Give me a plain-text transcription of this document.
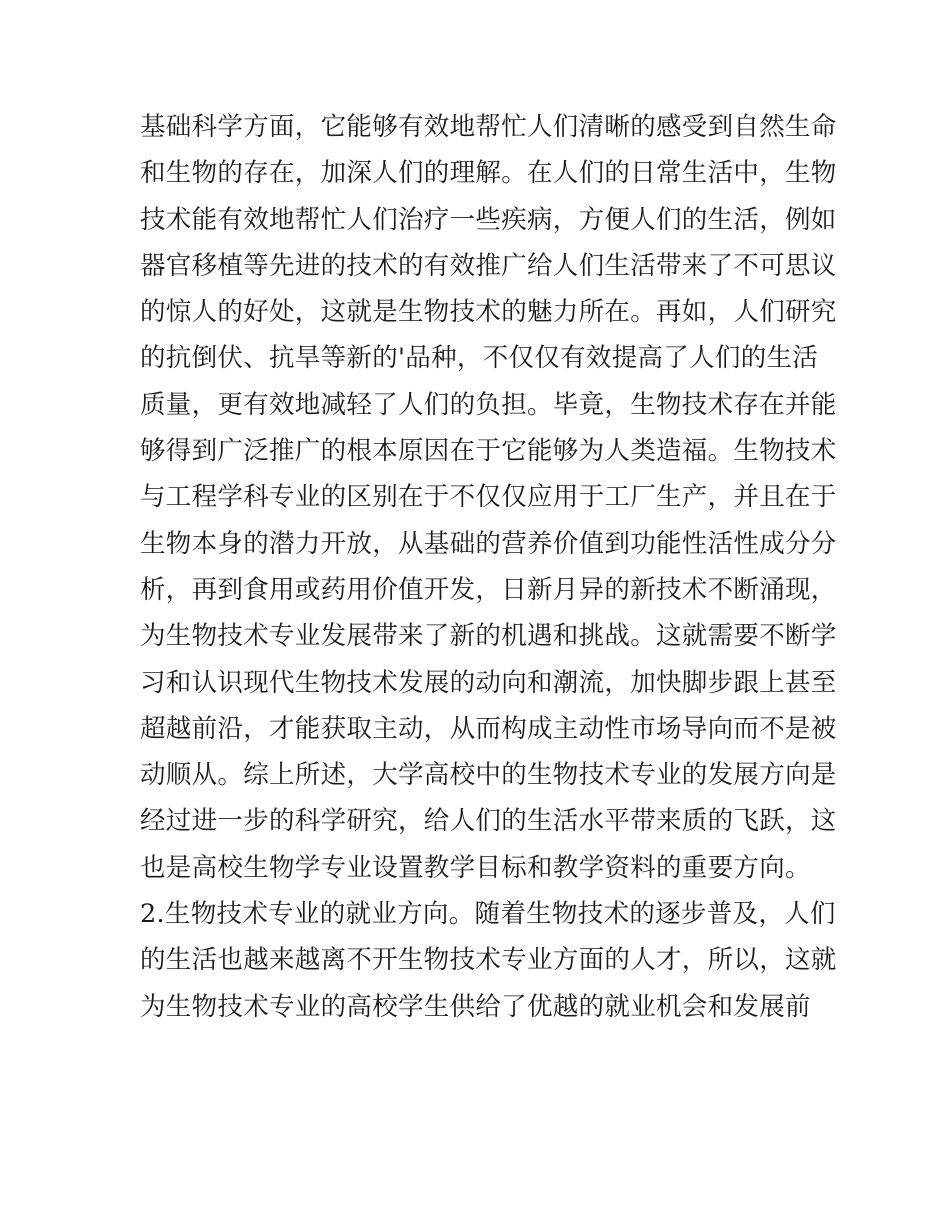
基础科学方面，它能够有效地帮忙人们清晰的感受到自然生命
和生物的存在，加深人们的理解。在人们的日常生活中，生物
技术能有效地帮忙人们治疗一些疾病，方便人们的生活，例如
器官移植等先进的技术的有效推广给人们生活带来了不可思议
的惊人的好处，这就是生物技术的魅力所在。再如，人们研究
的抗倒伏、抗旱等新的'品种，不仅仅有效提高了人们的生活
质量，更有效地减轻了人们的负担。毕竟，生物技术存在并能
够得到广泛推广的根本原因在于它能够为人类造福。生物技术
与工程学科专业的区别在于不仅仅应用于工厂生产，并且在于
生物本身的潜力开放，从基础的营养价值到功能性活性成分分
析，再到食用或药用价值开发，日新月异的新技术不断涌现，
为生物技术专业发展带来了新的机遇和挑战。这就需要不断学
习和认识现代生物技术发展的动向和潮流，加快脚步跟上甚至
超越前沿，才能获取主动，从而构成主动性市场导向而不是被
动顺从。综上所述，大学高校中的生物技术专业的发展方向是
经过进一步的科学研究，给人们的生活水平带来质的飞跃，这
也是高校生物学专业设置教学目标和教学资料的重要方向。
2.生物技术专业的就业方向。随着生物技术的逐步普及，人们
的生活也越来越离不开生物技术专业方面的人才，所以，这就
为生物技术专业的高校学生供给了优越的就业机会和发展前
